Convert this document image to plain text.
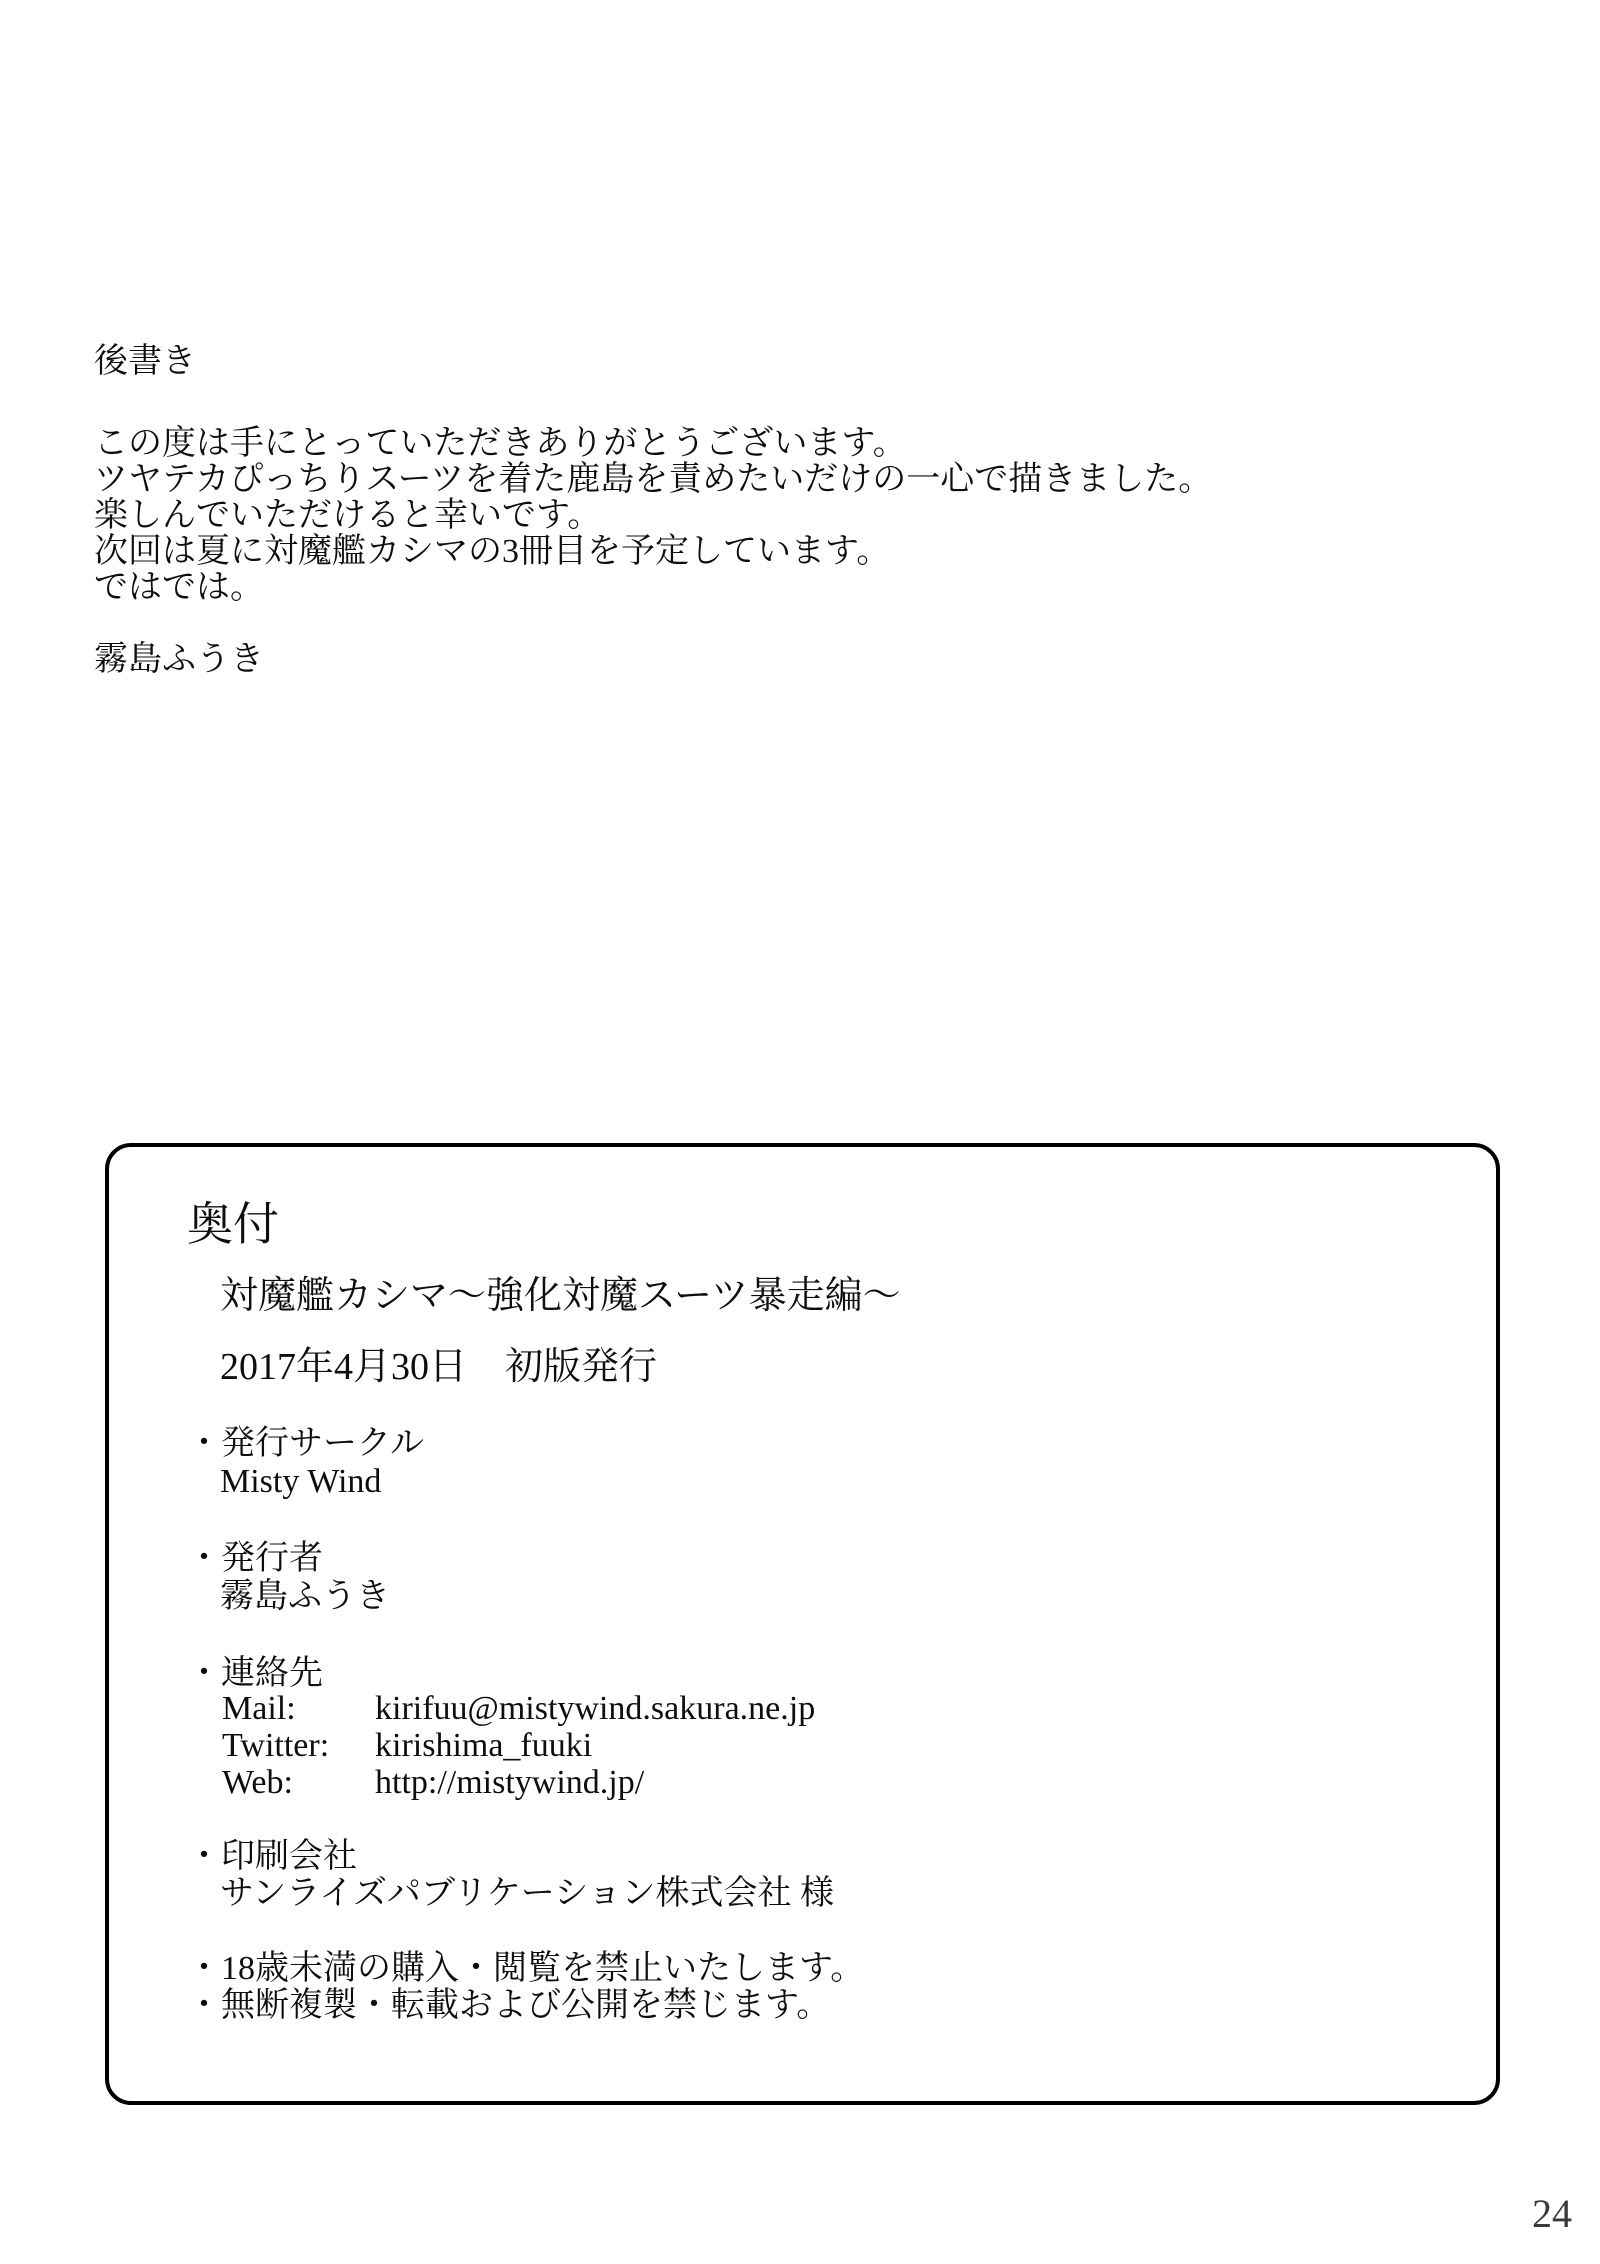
後書き
この度は手にとっていただきありがとうございます。
ツヤテカぴっちりスーツを着た鹿島を責めたいだけの一心で描きました。
楽しんでいただけると幸いです。
次回は夏に対魔艦カシマの3冊目を予定しています。
ではでは。
霧島ふうき
奥付
対魔艦カシマ～強化対魔スーツ暴走編～
2017年4月30日　初版発行
・発行サークル
Misty Wind
・発行者
霧島ふうき
・連絡先
Mail: kirifuu@mistywind.sakura.ne.jp
Twitter: kirishima_fuuki
Web: http://mistywind.jp/
・印刷会社
サンライズパブリケーション株式会社 様
・18歳未満の購入・閲覧を禁止いたします。
・無断複製・転載および公開を禁じます。
24
